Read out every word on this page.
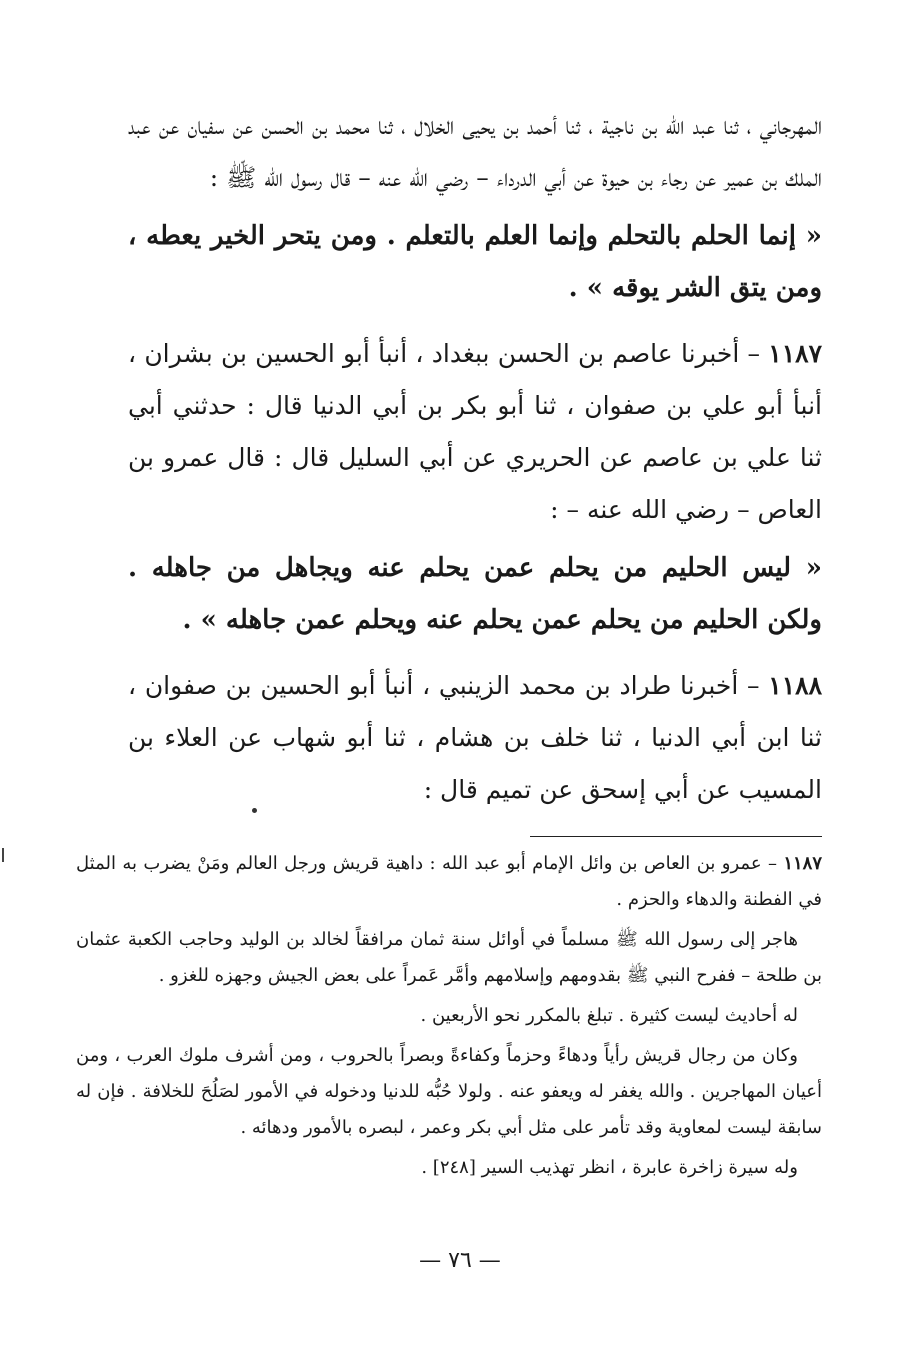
المهرجاني ، ثنا عبد الله بن ناجية ، ثنا أحمد بن يحيى الخلال ، ثنا محمد بن الحسن عن سفيان عن عبد الملك بن عمير عن رجاء بن حيوة عن أبي الدرداء – رضي الله عنه – قال رسول الله ﷺ :

« إنما الحلم بالتحلم وإنما العلم بالتعلم . ومن يتحر الخير يعطه ، ومن يتق الشر يوقه » .

١١٨٧ – أخبرنا عاصم بن الحسن ببغداد ، أنبأ أبو الحسين بن بشران ، أنبأ أبو علي بن صفوان ، ثنا أبو بكر بن أبي الدنيا قال : حدثني أبي ثنا علي بن عاصم عن الحريري عن أبي السليل قال : قال عمرو بن العاص – رضي الله عنه – :

« ليس الحليم من يحلم عمن يحلم عنه ويجاهل من جاهله . ولكن الحليم من يحلم عمن يحلم عنه ويحلم عمن جاهله » .

١١٨٨ – أخبرنا طراد بن محمد الزينبي ، أنبأ أبو الحسين بن صفوان ، ثنا ابن أبي الدنيا ، ثنا خلف بن هشام ، ثنا أبو شهاب عن العلاء بن المسيب عن أبي إسحق عن تميم قال :

١١٨٧ – عمرو بن العاص بن وائل الإمام أبو عبد الله : داهية قريش ورجل العالم ومَنْ يضرب به المثل في الفطنة والدهاء والحزم .

هاجر إلى رسول الله ﷺ مسلماً في أوائل سنة ثمان مرافقاً لخالد بن الوليد وحاجب الكعبة عثمان بن طلحة – ففرح النبي ﷺ بقدومهم وإسلامهم وأمَّر عَمراً على بعض الجيش وجهزه للغزو .

له أحاديث ليست كثيرة . تبلغ بالمكرر نحو الأربعين .

وكان من رجال قريش رأياً ودهاءً وحزماً وكفاءةً وبصراً بالحروب ، ومن أشرف ملوك العرب ، ومن أعيان المهاجرين . والله يغفر له ويعفو عنه . ولولا حُبُّه للدنيا ودخوله في الأمور لصَلُحَ للخلافة . فإن له سابقة ليست لمعاوية وقد تأمر على مثل أبي بكر وعمر ، لبصره بالأمور ودهائه .

وله سيرة زاخرة عابرة ، انظر تهذيب السير [٢٤٨] .

— ٧٦ —
